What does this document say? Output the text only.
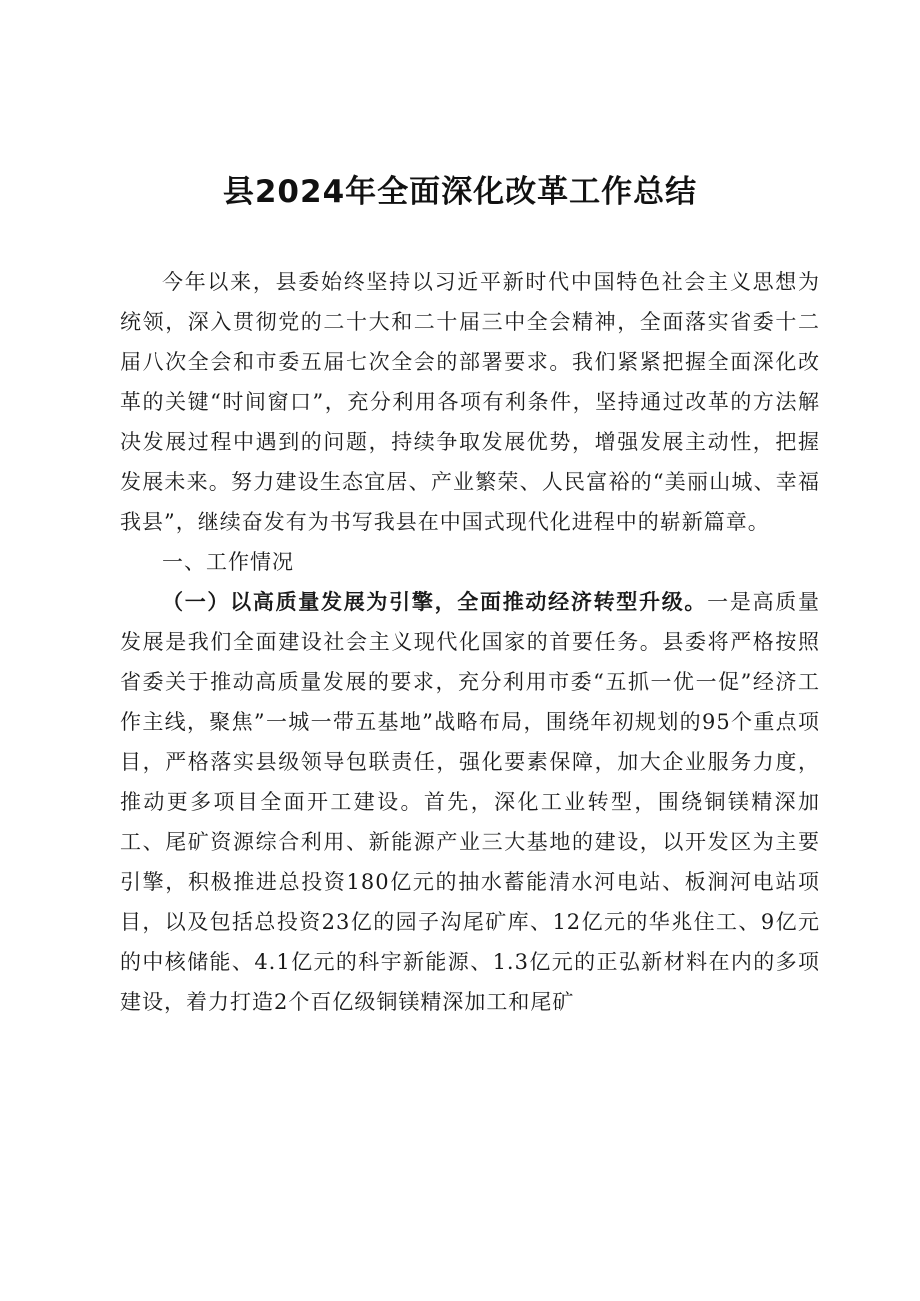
县2024年全面深化改革工作总结

今年以来，县委始终坚持以习近平新时代中国特色社会主义思想为统领，深入贯彻党的二十大和二十届三中全会精神，全面落实省委十二届八次全会和市委五届七次全会的部署要求。我们紧紧把握全面深化改革的关键“时间窗口”，充分利用各项有利条件，坚持通过改革的方法解决发展过程中遇到的问题，持续争取发展优势，增强发展主动性，把握发展未来。努力建设生态宜居、产业繁荣、人民富裕的“美丽山城、幸福我县”，继续奋发有为书写我县在中国式现代化进程中的崭新篇章。

一、工作情况

（一）以高质量发展为引擎，全面推动经济转型升级。一是高质量发展是我们全面建设社会主义现代化国家的首要任务。县委将严格按照省委关于推动高质量发展的要求，充分利用市委“五抓一优一促”经济工作主线，聚焦”一城一带五基地”战略布局，围绕年初规划的95个重点项目，严格落实县级领导包联责任，强化要素保障，加大企业服务力度，推动更多项目全面开工建设。首先，深化工业转型，围绕铜镁精深加工、尾矿资源综合利用、新能源产业三大基地的建设，以开发区为主要引擎，积极推进总投资180亿元的抽水蓄能清水河电站、板涧河电站项目，以及包括总投资23亿的园子沟尾矿库、12亿元的华兆住工、9亿元的中核储能、4.1亿元的科宇新能源、1.3亿元的正弘新材料在内的多项建设，着力打造2个百亿级铜镁精深加工和尾矿
